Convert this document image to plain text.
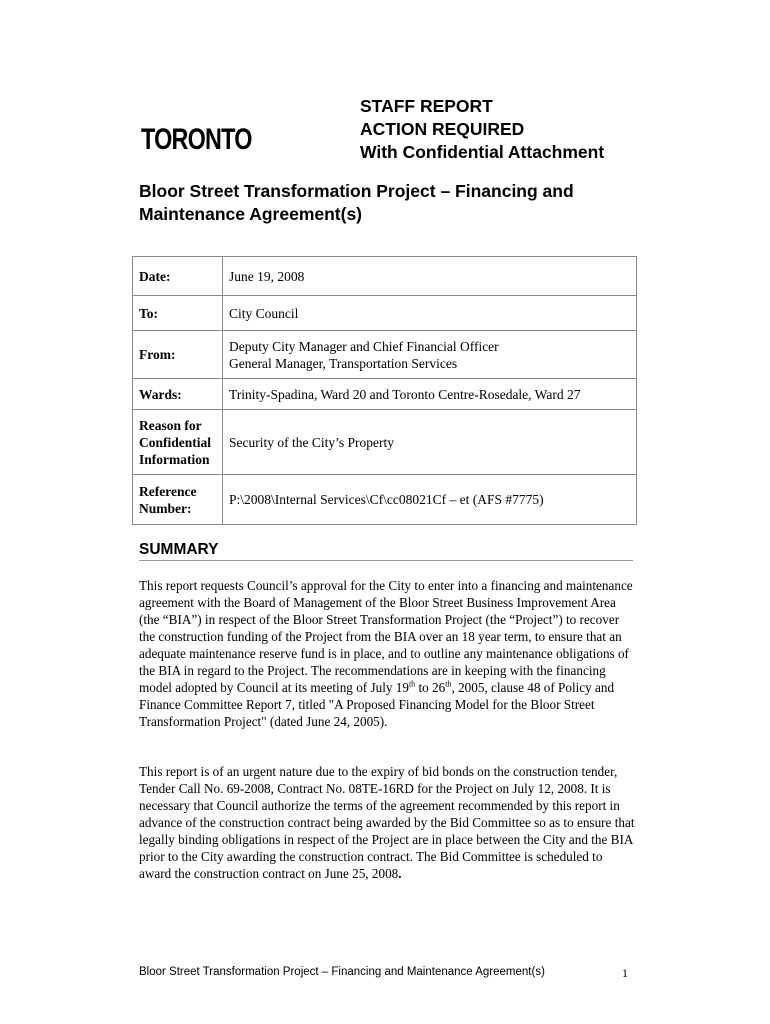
TORONTO
STAFF REPORT
ACTION REQUIRED
With Confidential Attachment
Bloor Street Transformation Project – Financing and
Maintenance Agreement(s)
Date:	June 19, 2008
To:	City Council
From:	Deputy City Manager and Chief Financial Officer
General Manager, Transportation Services

Wards:	Trinity-Spadina, Ward 20 and Toronto Centre-Rosedale, Ward 27

Reason for
Confidential
Information	Security of the City’s Property

Reference
Number:	P:\2008\Internal Services\Cf\cc08021Cf – et (AFS #7775)
SUMMARY

This report requests Council’s approval for the City to enter into a financing and maintenance agreement with the Board of Management of the Bloor Street Business Improvement Area (the “BIA”) in respect of the Bloor Street Transformation Project (the “Project”) to recover the construction funding of the Project from the BIA over an 18 year term, to ensure that an adequate maintenance reserve fund is in place, and to outline any maintenance obligations of the BIA in regard to the Project. The recommendations are in keeping with the financing model adopted by Council at its meeting of July 19th to 26th, 2005, clause 48 of Policy and Finance Committee Report 7, titled "A Proposed Financing Model for the Bloor Street Transformation Project" (dated June 24, 2005).

This report is of an urgent nature due to the expiry of bid bonds on the construction tender, Tender Call No. 69-2008, Contract No. 08TE-16RD for the Project on July 12, 2008. It is necessary that Council authorize the terms of the agreement recommended by this report in advance of the construction contract being awarded by the Bid Committee so as to ensure that legally binding obligations in respect of the Project are in place between the City and the BIA prior to the City awarding the construction contract. The Bid Committee is scheduled to award the construction contract on June 25, 2008.

Bloor Street Transformation Project – Financing and Maintenance Agreement(s)	1
